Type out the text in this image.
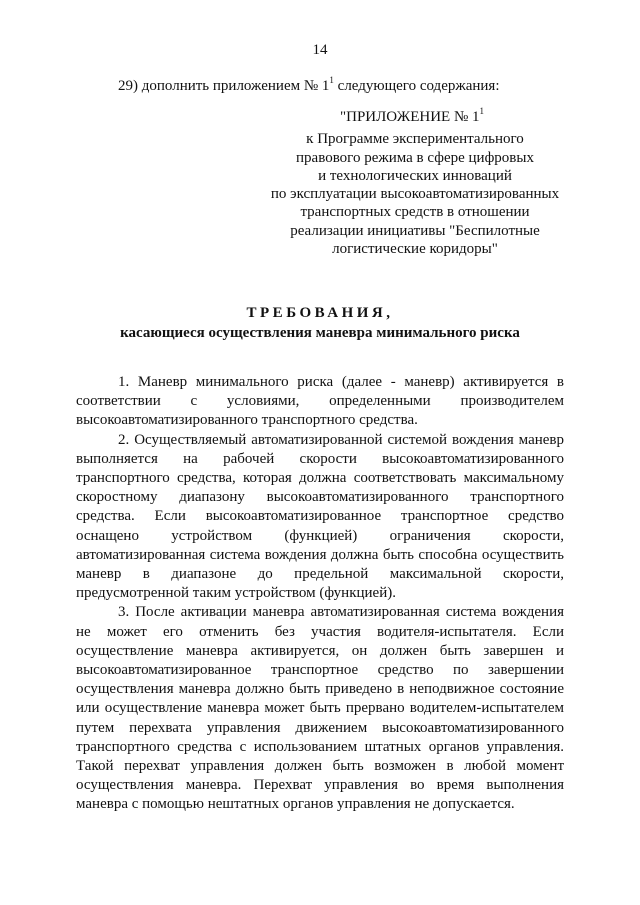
14
29) дополнить приложением № $1^1$ следующего содержания:
"ПРИЛОЖЕНИЕ № $1^1$
к Программе экспериментального
правового режима в сфере цифровых
и технологических инноваций
по эксплуатации высокоавтоматизированных
транспортных средств в отношении
реализации инициативы "Беспилотные
логистические коридоры"
ТРЕБОВАНИЯ,
касающиеся осуществления маневра минимального риска

1. Маневр минимального риска (далее - маневр) активируется в соответствии с условиями, определенными производителем высокоавтоматизированного транспортного средства.

2. Осуществляемый автоматизированной системой вождения маневр выполняется на рабочей скорости высокоавтоматизированного транспортного средства, которая должна соответствовать максимальному скоростному диапазону высокоавтоматизированного транспортного средства. Если высокоавтоматизированное транспортное средство оснащено устройством (функцией) ограничения скорости, автоматизированная система вождения должна быть способна осуществить маневр в диапазоне до предельной максимальной скорости, предусмотренной таким устройством (функцией).

3. После активации маневра автоматизированная система вождения не может его отменить без участия водителя-испытателя. Если осуществление маневра активируется, он должен быть завершен и высокоавтоматизированное транспортное средство по завершении осуществления маневра должно быть приведено в неподвижное состояние или осуществление маневра может быть прервано водителем-испытателем путем перехвата управления движением высокоавтоматизированного транспортного средства с использованием штатных органов управления. Такой перехват управления должен быть возможен в любой момент осуществления маневра. Перехват управления во время выполнения маневра с помощью нештатных органов управления не допускается.
